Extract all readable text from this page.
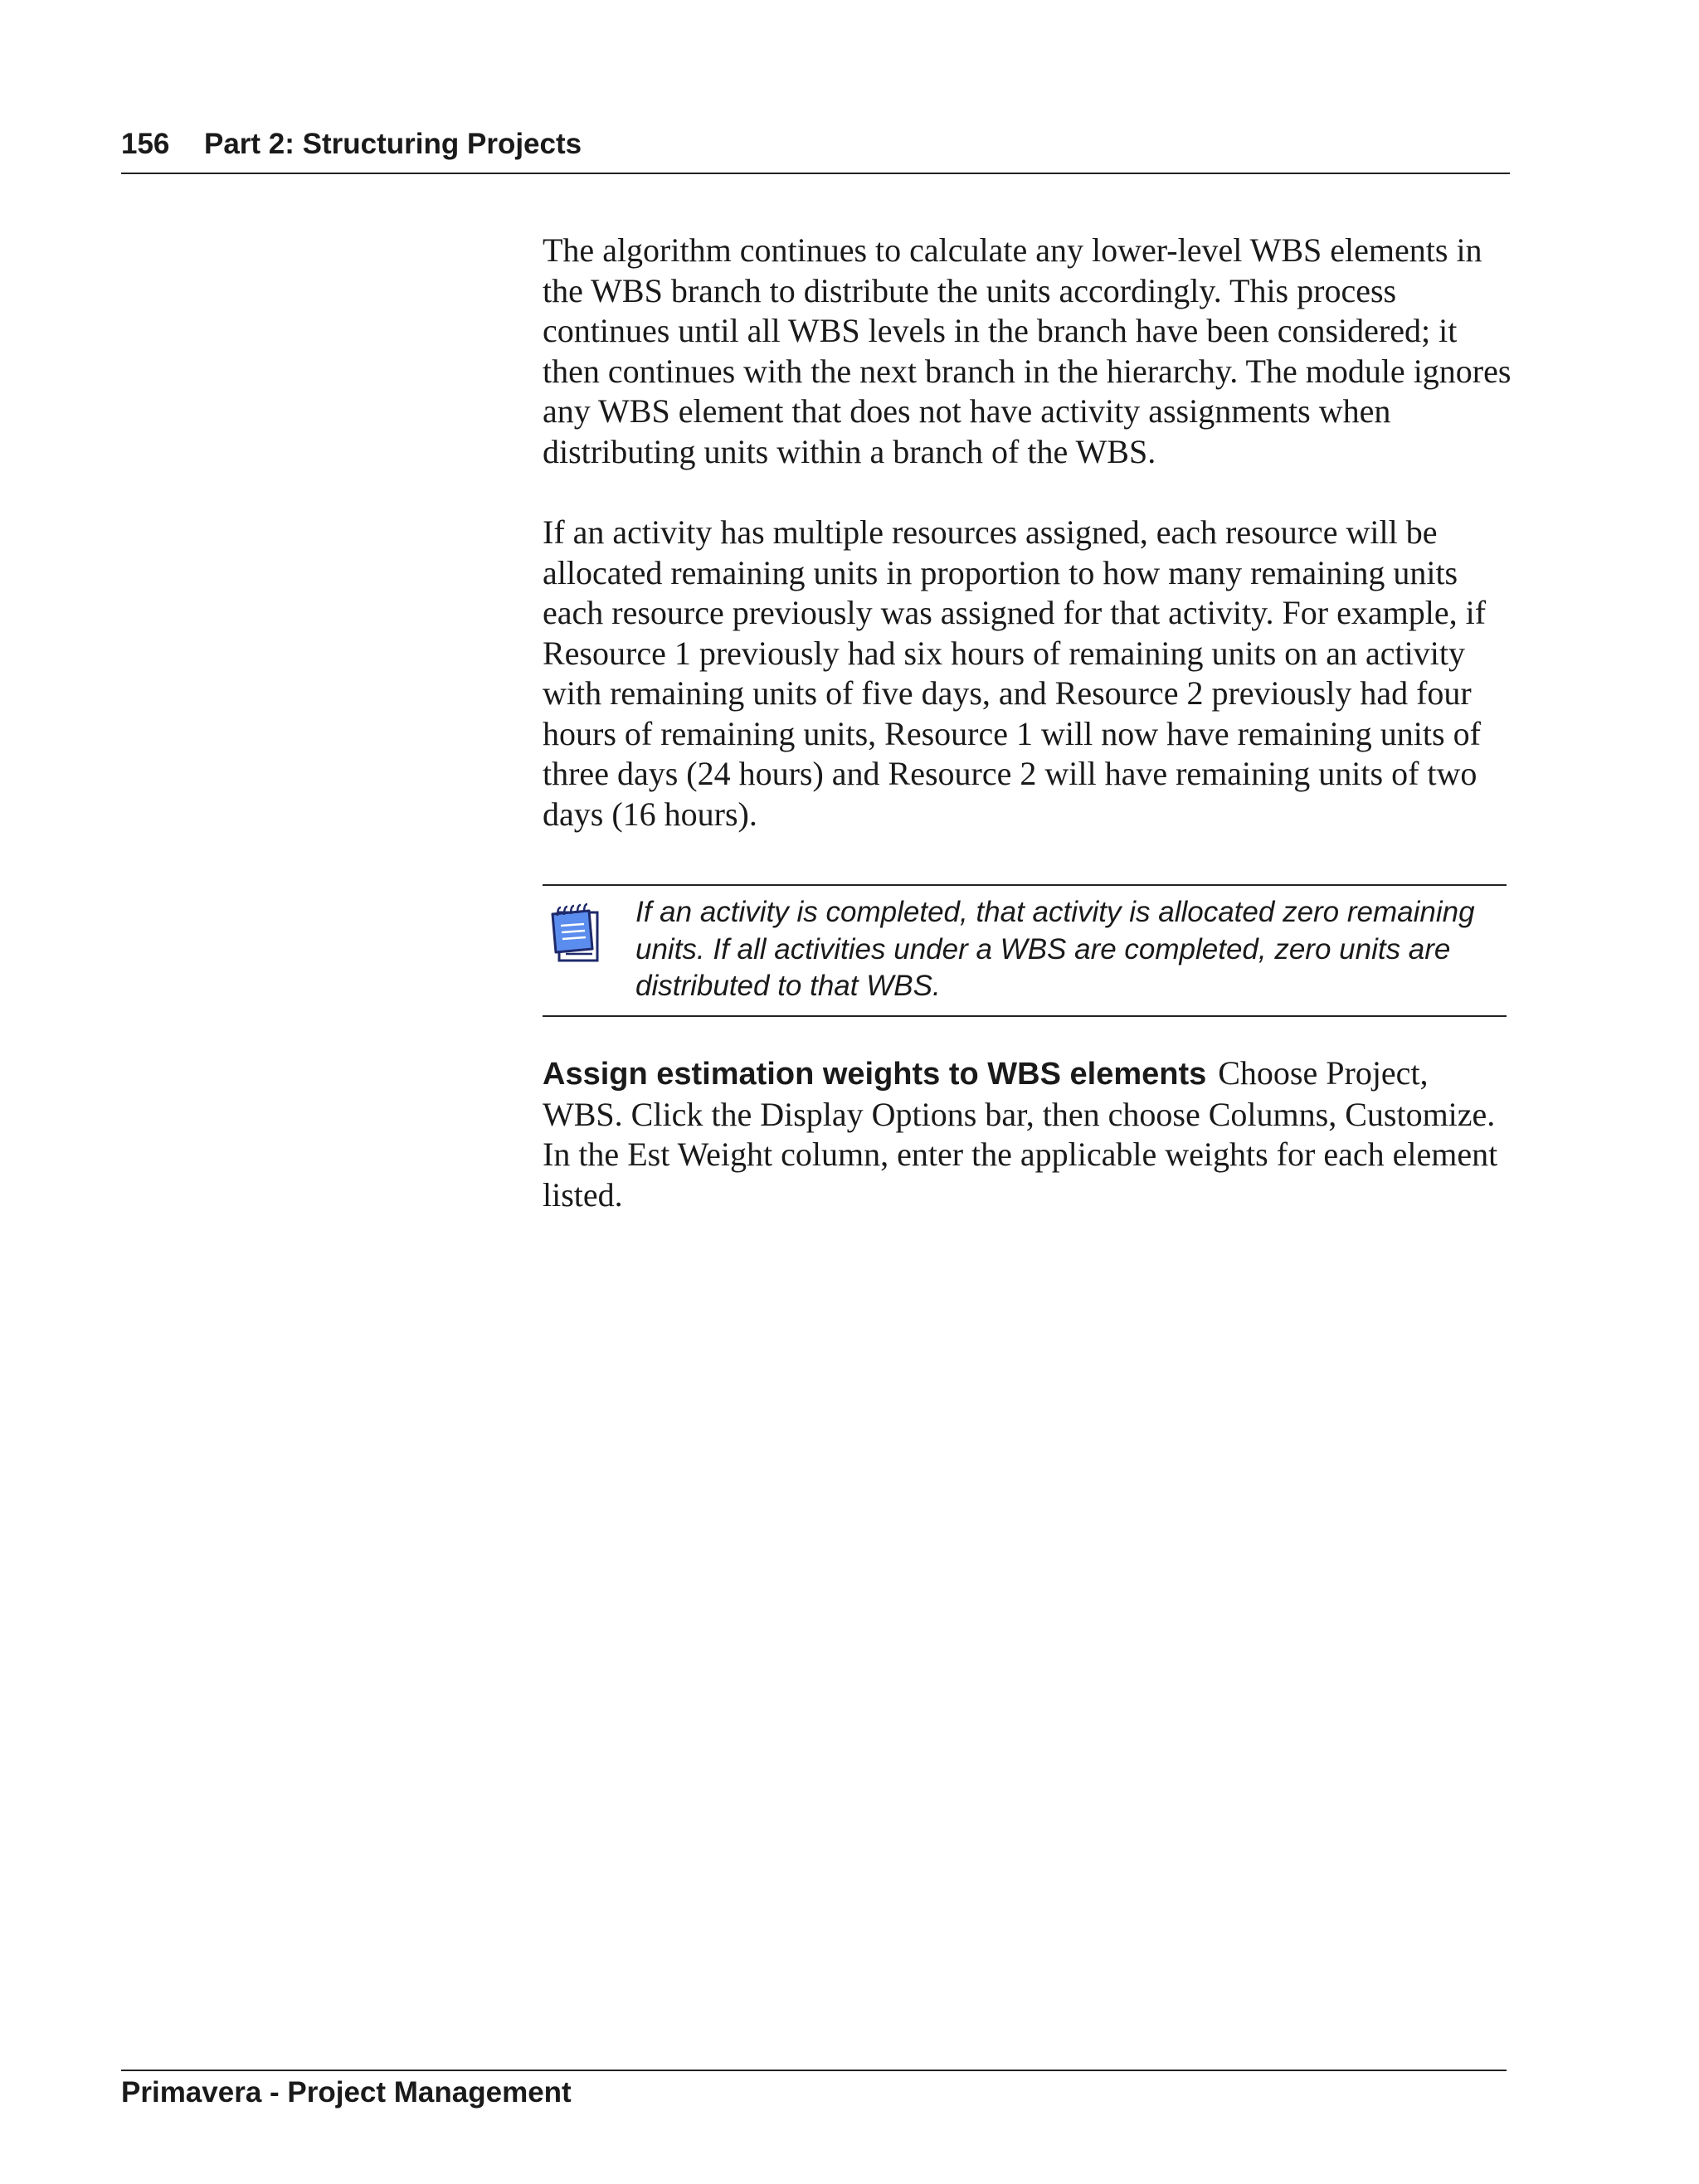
156 Part 2: Structuring Projects

The algorithm continues to calculate any lower-level WBS elements in the WBS branch to distribute the units accordingly. This process continues until all WBS levels in the branch have been considered; it then continues with the next branch in the hierarchy. The module ignores any WBS element that does not have activity assignments when distributing units within a branch of the WBS.

If an activity has multiple resources assigned, each resource will be allocated remaining units in proportion to how many remaining units each resource previously was assigned for that activity. For example, if Resource 1 previously had six hours of remaining units on an activity with remaining units of five days, and Resource 2 previously had four hours of remaining units, Resource 1 will now have remaining units of three days (24 hours) and Resource 2 will have remaining units of two days (16 hours).

If an activity is completed, that activity is allocated zero remaining units. If all activities under a WBS are completed, zero units are distributed to that WBS.
Assign estimation weights to WBS elements Choose Project, WBS. Click the Display Options bar, then choose Columns, Customize. In the Est Weight column, enter the applicable weights for each element listed.
Primavera - Project Management
